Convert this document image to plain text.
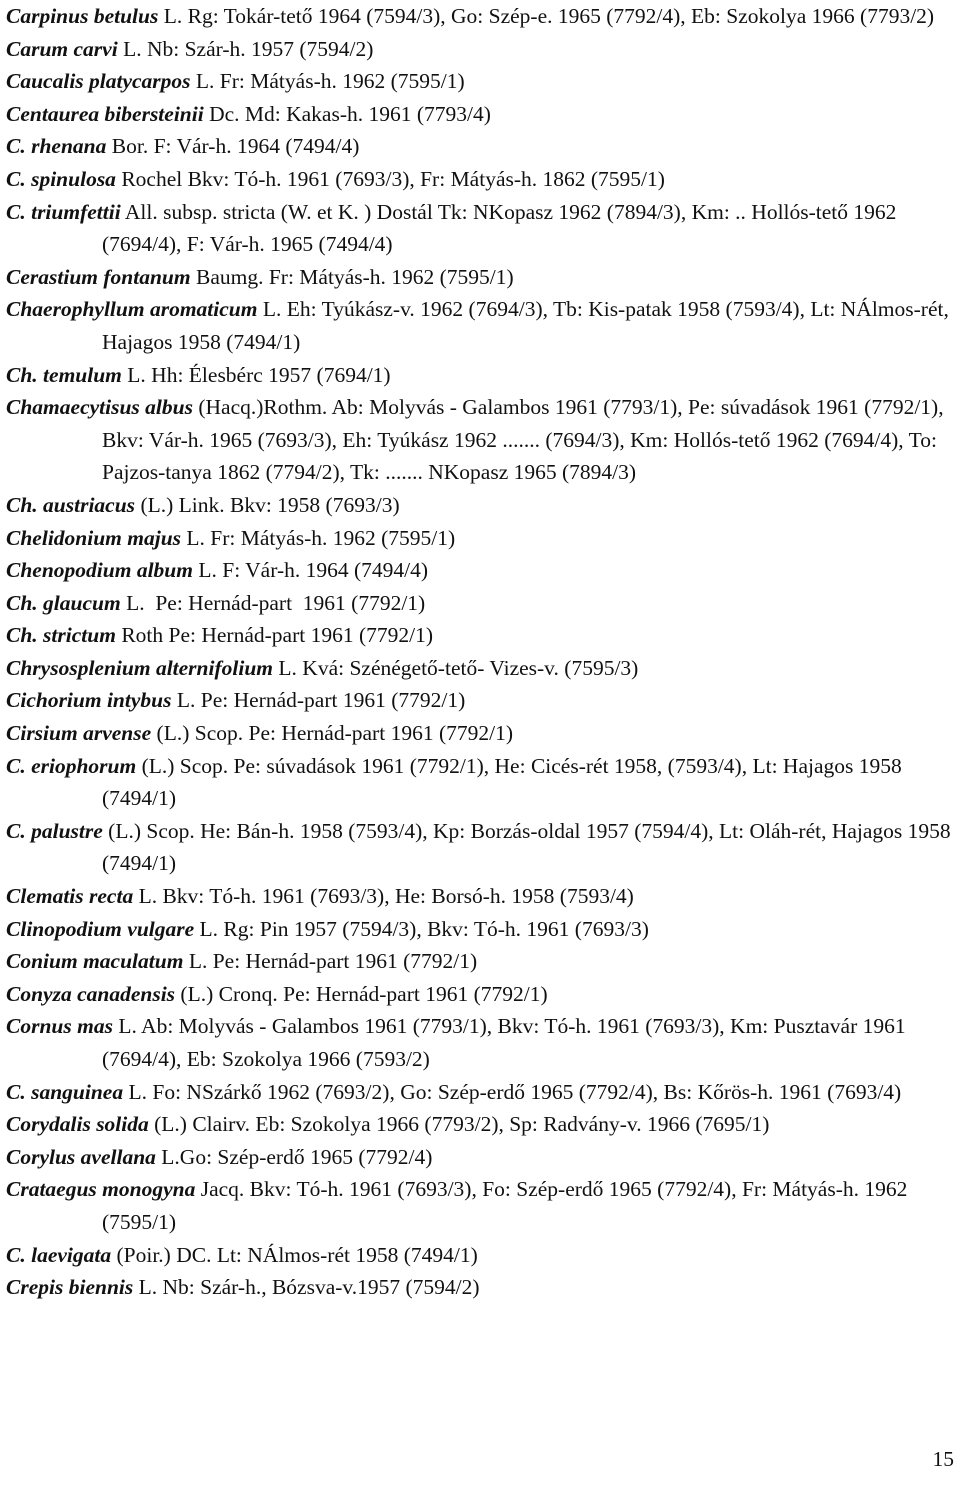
Carpinus betulus L. Rg: Tokár-tető 1964 (7594/3), Go: Szép-e. 1965 (7792/4), Eb: Szokolya 1966 (7793/2)
Carum carvi L. Nb: Szár-h. 1957 (7594/2)
Caucalis platycarpos L. Fr: Mátyás-h. 1962 (7595/1)
Centaurea bibersteinii Dc. Md: Kakas-h. 1961 (7793/4)
C. rhenana Bor. F: Vár-h. 1964 (7494/4)
C. spinulosa Rochel Bkv: Tó-h. 1961 (7693/3), Fr: Mátyás-h. 1862 (7595/1)
C. triumfettii All. subsp. stricta (W. et K. ) Dostál Tk: NKopasz 1962 (7894/3), Km: .. Hollós-tető 1962 (7694/4), F: Vár-h. 1965 (7494/4)
Cerastium fontanum Baumg. Fr: Mátyás-h. 1962 (7595/1)
Chaerophyllum aromaticum L. Eh: Tyúkász-v. 1962 (7694/3), Tb: Kis-patak 1958 (7593/4), Lt: NÁlmos-rét, Hajagos 1958 (7494/1)
Ch. temulum L. Hh: Élesbérc 1957 (7694/1)
Chamaecytisus albus (Hacq.)Rothm. Ab: Molyvás - Galambos 1961 (7793/1), Pe: súvadások 1961 (7792/1), Bkv: Vár-h. 1965 (7693/3), Eh: Tyúkász 1962 ....... (7694/3), Km: Hollós-tető 1962 (7694/4), To: Pajzos-tanya 1862 (7794/2), Tk: ....... NKopasz 1965 (7894/3)
Ch. austriacus (L.) Link. Bkv: 1958 (7693/3)
Chelidonium majus L. Fr: Mátyás-h. 1962 (7595/1)
Chenopodium album L. F: Vár-h. 1964 (7494/4)
Ch. glaucum L.  Pe: Hernád-part  1961 (7792/1)
Ch. strictum Roth Pe: Hernád-part 1961 (7792/1)
Chrysosplenium alternifolium L. Kvá: Szénégető-tető- Vizes-v. (7595/3)
Cichorium intybus L. Pe: Hernád-part 1961 (7792/1)
Cirsium arvense (L.) Scop. Pe: Hernád-part 1961 (7792/1)
C. eriophorum (L.) Scop. Pe: súvadások 1961 (7792/1), He: Cicés-rét 1958, (7593/4), Lt: Hajagos 1958 (7494/1)
C. palustre (L.) Scop. He: Bán-h. 1958 (7593/4), Kp: Borzás-oldal 1957 (7594/4), Lt: Oláh-rét, Hajagos 1958 (7494/1)
Clematis recta L. Bkv: Tó-h. 1961 (7693/3), He: Borsó-h. 1958 (7593/4)
Clinopodium vulgare L. Rg: Pin 1957 (7594/3), Bkv: Tó-h. 1961 (7693/3)
Conium maculatum L. Pe: Hernád-part 1961 (7792/1)
Conyza canadensis (L.) Cronq. Pe: Hernád-part 1961 (7792/1)
Cornus mas L. Ab: Molyvás - Galambos 1961 (7793/1), Bkv: Tó-h. 1961 (7693/3), Km: Pusztavár 1961 (7694/4), Eb: Szokolya 1966 (7593/2)
C. sanguinea L. Fo: NSzárkő 1962 (7693/2), Go: Szép-erdő 1965 (7792/4), Bs: Kőrös-h. 1961 (7693/4)
Corydalis solida (L.) Clairv. Eb: Szokolya 1966 (7793/2), Sp: Radvány-v. 1966 (7695/1)
Corylus avellana L.Go: Szép-erdő 1965 (7792/4)
Crataegus monogyna Jacq. Bkv: Tó-h. 1961 (7693/3), Fo: Szép-erdő 1965 (7792/4), Fr: Mátyás-h. 1962 (7595/1)
C. laevigata (Poir.) DC. Lt: NÁlmos-rét 1958 (7494/1)
Crepis biennis L. Nb: Szár-h., Bózsva-v.1957 (7594/2)
15
